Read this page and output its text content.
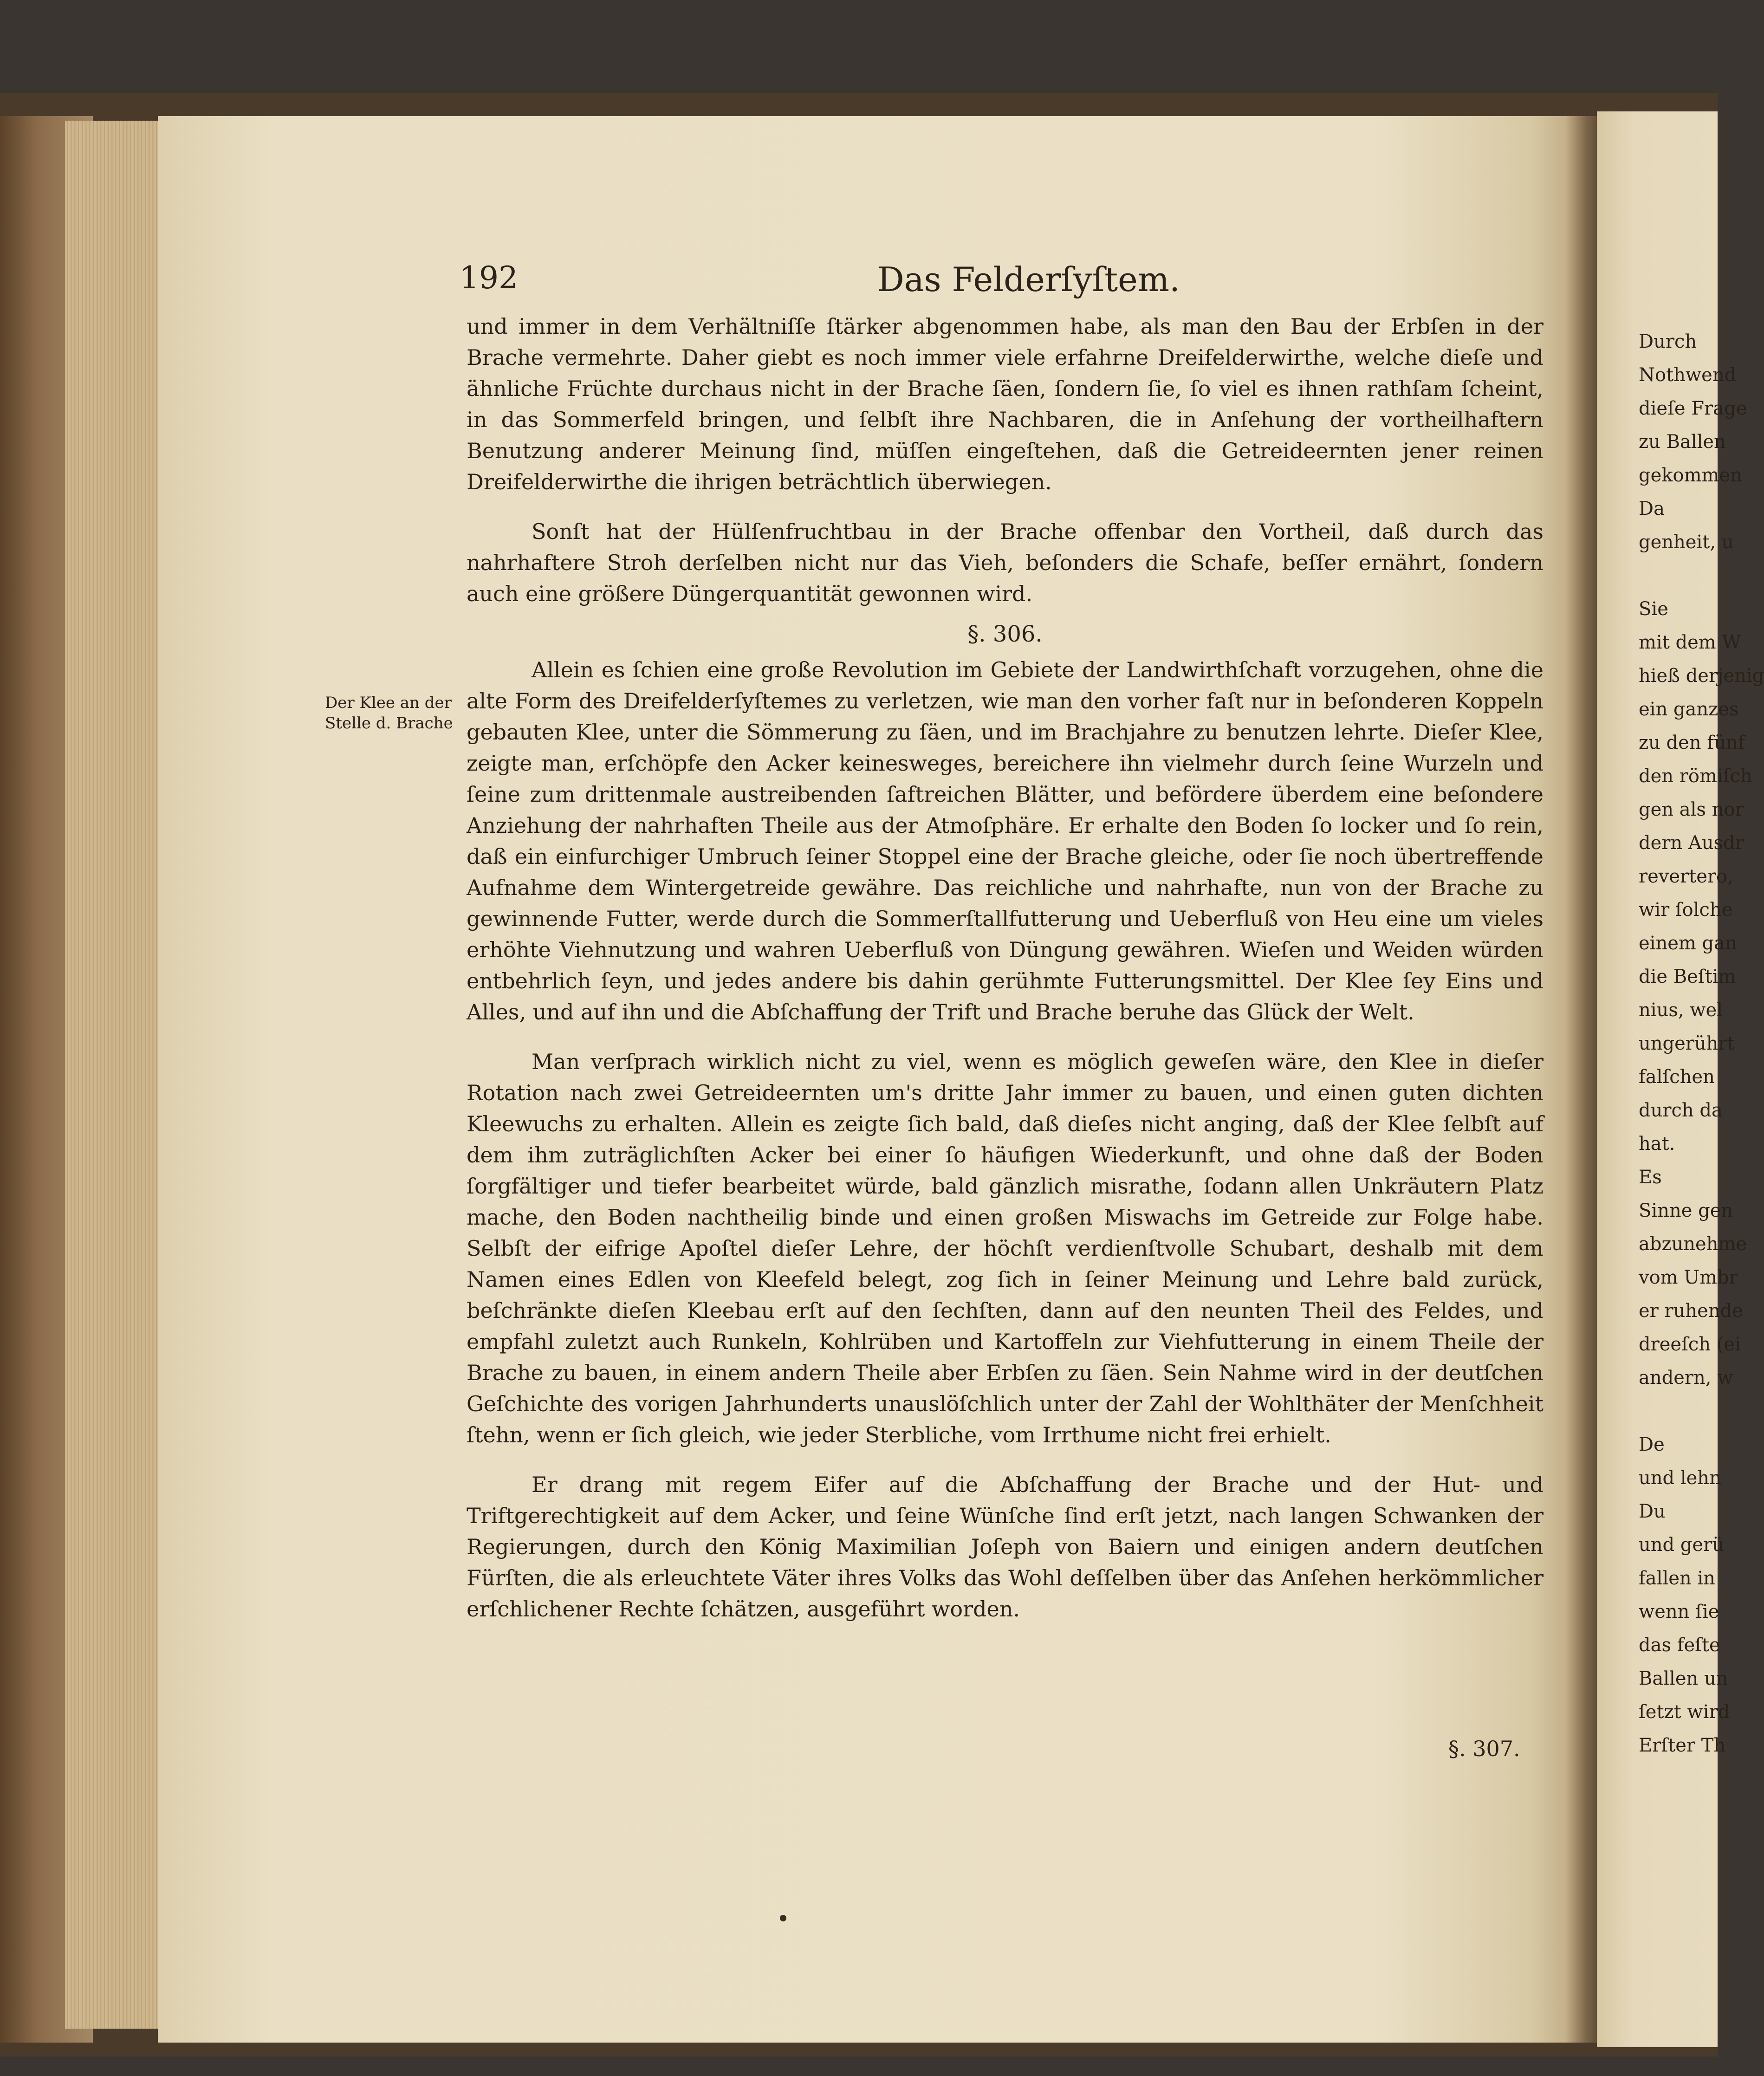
192	Das Felderſyſtem.
Der Klee an der Stelle d. Brache

und immer in dem Verhältniſſe ſtärker abgenommen habe, als man den Bau der Erbſen in der Brache vermehrte. Daher giebt es noch immer viele erfahrne Dreifelderwirthe, welche dieſe und ähnliche Früchte durchaus nicht in der Brache ſäen, ſondern ſie, ſo viel es ihnen rathſam ſcheint, in das Sommerfeld bringen, und ſelbſt ihre Nachbaren, die in Anſehung der vortheilhaftern Benutzung anderer Meinung ſind, müſſen eingeſtehen, daß die Getreideernten jener reinen Dreifelderwirthe die ihrigen beträchtlich überwiegen.

Sonſt hat der Hülſenfruchtbau in der Brache offenbar den Vortheil, daß durch das nahrhaftere Stroh derſelben nicht nur das Vieh, beſonders die Schafe, beſſer ernährt, ſondern auch eine größere Düngerquantität gewonnen wird.

§. 306.

Allein es ſchien eine große Revolution im Gebiete der Landwirthſchaft vorzugehen, ohne die alte Form des Dreifelderſyſtemes zu verletzen, wie man den vorher faſt nur in beſonderen Koppeln gebauten Klee, unter die Sömmerung zu ſäen, und im Brachjahre zu benutzen lehrte. Dieſer Klee, zeigte man, erſchöpfe den Acker keinesweges, bereichere ihn vielmehr durch ſeine Wurzeln und ſeine zum drittenmale austreibenden ſaftreichen Blätter, und befördere überdem eine beſondere Anziehung der nahrhaften Theile aus der Atmoſphäre. Er erhalte den Boden ſo locker und ſo rein, daß ein einfurchiger Umbruch ſeiner Stoppel eine der Brache gleiche, oder ſie noch übertreffende Aufnahme dem Wintergetreide gewähre. Das reichliche und nahrhafte, nun von der Brache zu gewinnende Futter, werde durch die Sommerſtallfutterung und Ueberfluß von Heu eine um vieles erhöhte Viehnutzung und wahren Ueberfluß von Düngung gewähren. Wieſen und Weiden würden entbehrlich ſeyn, und jedes andere bis dahin gerühmte Futterungsmittel. Der Klee ſey Eins und Alles, und auf ihn und die Abſchaffung der Trift und Brache beruhe das Glück der Welt.

Man verſprach wirklich nicht zu viel, wenn es möglich geweſen wäre, den Klee in dieſer Rotation nach zwei Getreideernten um's dritte Jahr immer zu bauen, und einen guten dichten Kleewuchs zu erhalten. Allein es zeigte ſich bald, daß dieſes nicht anging, daß der Klee ſelbſt auf dem ihm zuträglichſten Acker bei einer ſo häufigen Wiederkunft, und ohne daß der Boden ſorgfältiger und tiefer bearbeitet würde, bald gänzlich misrathe, ſodann allen Unkräutern Platz mache, den Boden nachtheilig binde und einen großen Miswachs im Getreide zur Folge habe. Selbſt der eifrige Apoſtel dieſer Lehre, der höchſt verdienſtvolle Schubart, deshalb mit dem Namen eines Edlen von Kleefeld belegt, zog ſich in ſeiner Meinung und Lehre bald zurück, beſchränkte dieſen Kleebau erſt auf den ſechſten, dann auf den neunten Theil des Feldes, und empfahl zuletzt auch Runkeln, Kohlrüben und Kartoffeln zur Viehfutterung in einem Theile der Brache zu bauen, in einem andern Theile aber Erbſen zu ſäen. Sein Nahme wird in der deutſchen Geſchichte des vorigen Jahrhunderts unauslöſchlich unter der Zahl der Wohlthäter der Menſchheit ſtehn, wenn er ſich gleich, wie jeder Sterbliche, vom Irrthume nicht frei erhielt.

Er drang mit regem Eifer auf die Abſchaffung der Brache und der Hut- und Triftgerechtigkeit auf dem Acker, und ſeine Wünſche ſind erſt jetzt, nach langen Schwanken der Regierungen, durch den König Maximilian Joſeph von Baiern und einigen andern deutſchen Fürſten, die als erleuchtete Väter ihres Volks das Wohl deſſelben über das Anſehen herkömmlicher erſchlichener Rechte ſchätzen, ausgeführt worden.

§. 307.
Durch
Nothwend
dieſe Frage
zu Ballen
gekommen
Da
genheit, u

Sie
mit dem W
hieß derjenig
ein ganzes
zu den fünf
den römiſch
gen als nor
dern Ausdr
revertero,
wir ſolche
einem gan
die Beſtim
nius, wel
ungerührt
falſchen
durch da
hat.
Es
Sinne gen
abzunehme
vom Umbr
er ruhende
dreeſch (ei
andern, w

De
und lehn
Du
und gerü
fallen in
wenn ſie
das feſte
Ballen un
ſetzt wird
Erſter Th
